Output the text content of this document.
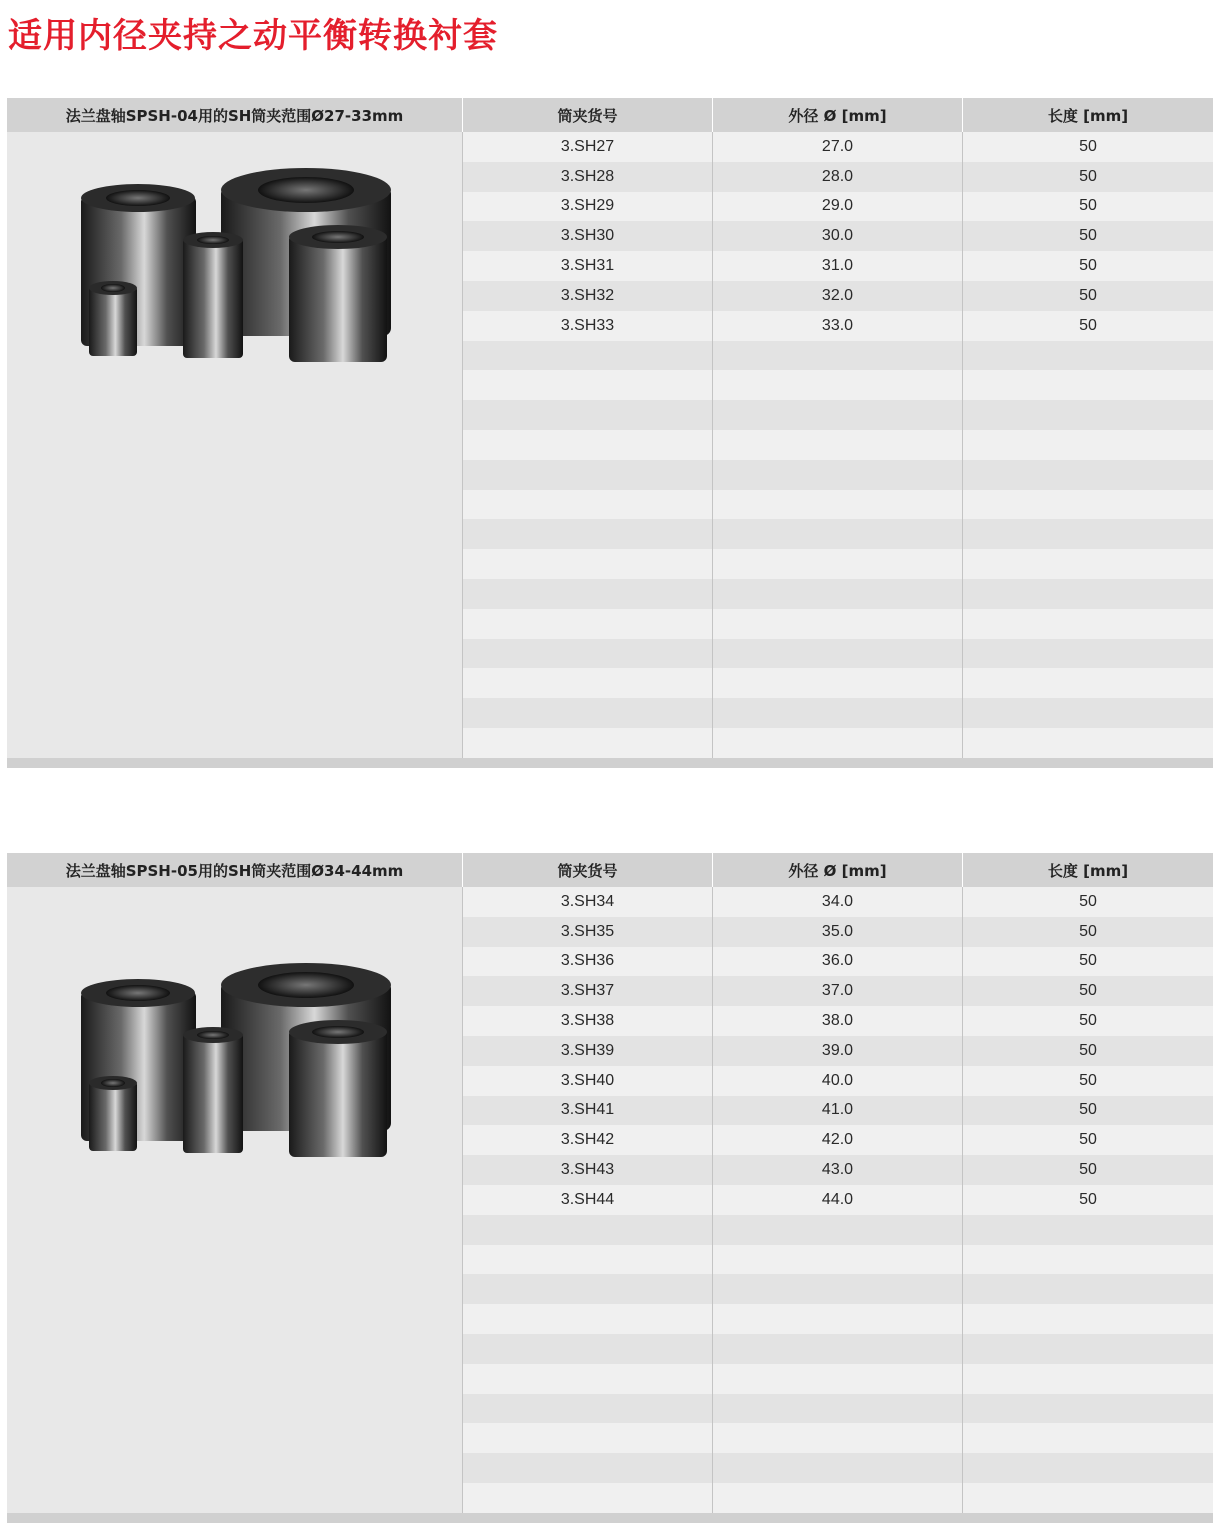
适用内径夹持之动平衡转换衬套
法兰盘轴SPSH-04用的SH筒夹范围Ø27-33mm	筒夹货号	外径 Ø [mm]	长度 [mm]
3.SH27	27.0	50
3.SH28	28.0	50
3.SH29	29.0	50
3.SH30	30.0	50
3.SH31	31.0	50
3.SH32	32.0	50
3.SH33	33.0	50
法兰盘轴SPSH-05用的SH筒夹范围Ø34-44mm	筒夹货号	外径 Ø [mm]	长度 [mm]
3.SH34	34.0	50
3.SH35	35.0	50
3.SH36	36.0	50
3.SH37	37.0	50
3.SH38	38.0	50
3.SH39	39.0	50
3.SH40	40.0	50
3.SH41	41.0	50
3.SH42	42.0	50
3.SH43	43.0	50
3.SH44	44.0	50
